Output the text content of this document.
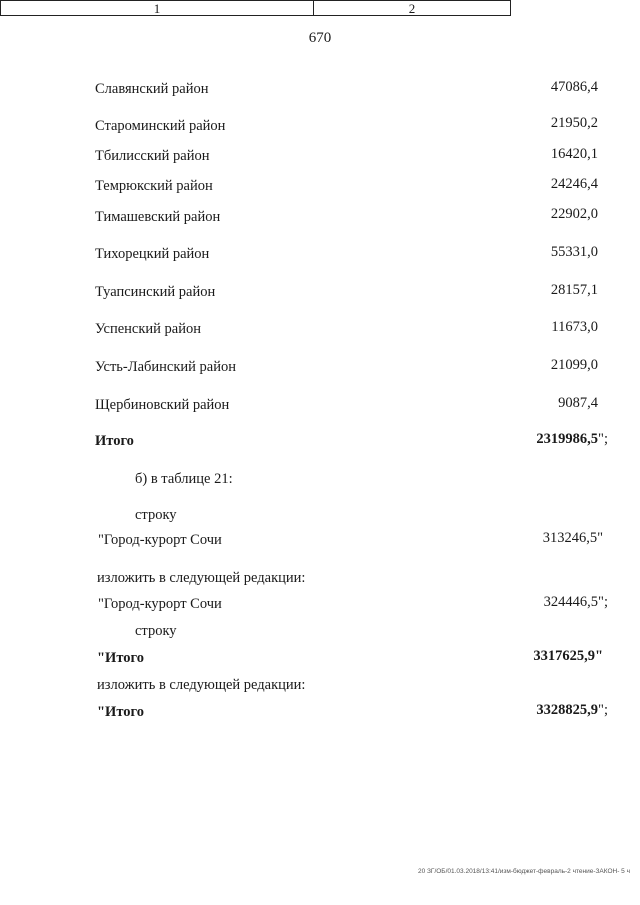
670
1	2
Славянский район	47086,4
Староминский район	21950,2
Тбилисский район	16420,1
Темрюкский район	24246,4
Тимашевский район	22902,0
Тихорецкий район	55331,0
Туапсинский район	28157,1
Успенский район	11673,0
Усть-Лабинский район	21099,0
Щербиновский район	9087,4
Итого	2319986,5";
б) в таблице 21:
строку
"Город-курорт Сочи	313246,5"
изложить в следующей редакции:
"Город-курорт Сочи	324446,5";
строку
"Итого	3317625,9"
изложить в следующей редакции:
"Итого	3328825,9";
20 ЗГ/ОБ/01.03.2018/13:41/изм-бюджет-февраль-2 чтение-ЗАКОН- 5 ч
